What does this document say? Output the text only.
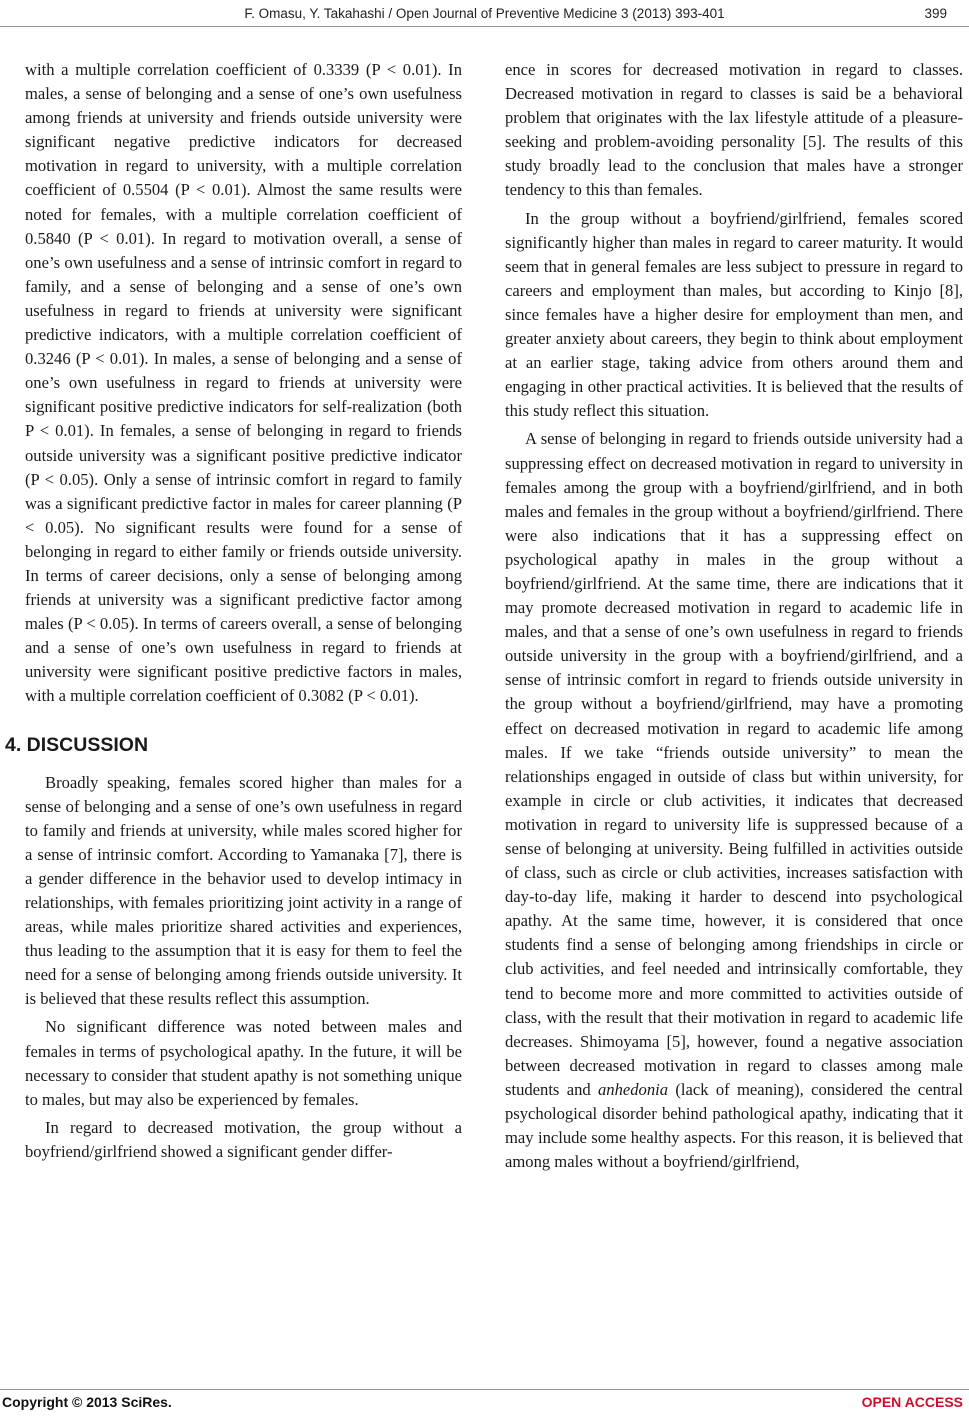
F. Omasu, Y. Takahashi / Open Journal of Preventive Medicine 3 (2013) 393-401	399

with a multiple correlation coefficient of 0.3339 (P < 0.01). In males, a sense of belonging and a sense of one’s own usefulness among friends at university and friends outside university were significant negative predictive indicators for decreased motivation in regard to university, with a multiple correlation coefficient of 0.5504 (P < 0.01). Almost the same results were noted for females, with a multiple correlation coefficient of 0.5840 (P < 0.01). In regard to motivation overall, a sense of one’s own usefulness and a sense of intrinsic comfort in regard to family, and a sense of belonging and a sense of one’s own usefulness in regard to friends at university were significant predictive indicators, with a multiple correlation coefficient of 0.3246 (P < 0.01). In males, a sense of belonging and a sense of one’s own usefulness in regard to friends at university were significant positive predictive indicators for self-realization (both P < 0.01). In females, a sense of belonging in regard to friends outside university was a significant positive predictive indicator (P < 0.05). Only a sense of intrinsic comfort in regard to family was a significant predictive factor in males for career planning (P < 0.05). No significant results were found for a sense of belonging in regard to either family or friends outside university. In terms of career decisions, only a sense of belonging among friends at university was a significant predictive factor among males (P < 0.05). In terms of careers overall, a sense of belonging and a sense of one’s own usefulness in regard to friends at university were significant positive predictive factors in males, with a multiple correlation coefficient of 0.3082 (P < 0.01).

4. DISCUSSION

Broadly speaking, females scored higher than males for a sense of belonging and a sense of one’s own usefulness in regard to family and friends at university, while males scored higher for a sense of intrinsic comfort. According to Yamanaka [7], there is a gender difference in the behavior used to develop intimacy in relationships, with females prioritizing joint activity in a range of areas, while males prioritize shared activities and experiences, thus leading to the assumption that it is easy for them to feel the need for a sense of belonging among friends outside university. It is believed that these results reflect this assumption.

No significant difference was noted between males and females in terms of psychological apathy. In the future, it will be necessary to consider that student apathy is not something unique to males, but may also be experienced by females.

In regard to decreased motivation, the group without a boyfriend/girlfriend showed a significant gender differ-

ence in scores for decreased motivation in regard to classes. Decreased motivation in regard to classes is said be a behavioral problem that originates with the lax lifestyle attitude of a pleasure-seeking and problem-avoiding personality [5]. The results of this study broadly lead to the conclusion that males have a stronger tendency to this than females.

In the group without a boyfriend/girlfriend, females scored significantly higher than males in regard to career maturity. It would seem that in general females are less subject to pressure in regard to careers and employment than males, but according to Kinjo [8], since females have a higher desire for employment than men, and greater anxiety about careers, they begin to think about employment at an earlier stage, taking advice from others around them and engaging in other practical activities. It is believed that the results of this study reflect this situation.

A sense of belonging in regard to friends outside university had a suppressing effect on decreased motivation in regard to university in females among the group with a boyfriend/girlfriend, and in both males and females in the group without a boyfriend/girlfriend. There were also indications that it has a suppressing effect on psychological apathy in males in the group without a boyfriend/girlfriend. At the same time, there are indications that it may promote decreased motivation in regard to academic life in males, and that a sense of one’s own usefulness in regard to friends outside university in the group with a boyfriend/girlfriend, and a sense of intrinsic comfort in regard to friends outside university in the group without a boyfriend/girlfriend, may have a promoting effect on decreased motivation in regard to academic life among males. If we take “friends outside university” to mean the relationships engaged in outside of class but within university, for example in circle or club activities, it indicates that decreased motivation in regard to university life is suppressed because of a sense of belonging at university. Being fulfilled in activities outside of class, such as circle or club activities, increases satisfaction with day-to-day life, making it harder to descend into psychological apathy. At the same time, however, it is considered that once students find a sense of belonging among friendships in circle or club activities, and feel needed and intrinsically comfortable, they tend to become more and more committed to activities outside of class, with the result that their motivation in regard to academic life decreases. Shimoyama [5], however, found a negative association between decreased motivation in regard to classes among male students and anhedonia (lack of meaning), considered the central psychological disorder behind pathological apathy, indicating that it may include some healthy aspects. For this reason, it is believed that among males without a boyfriend/girlfriend,

Copyright © 2013 SciRes.	OPEN ACCESS
